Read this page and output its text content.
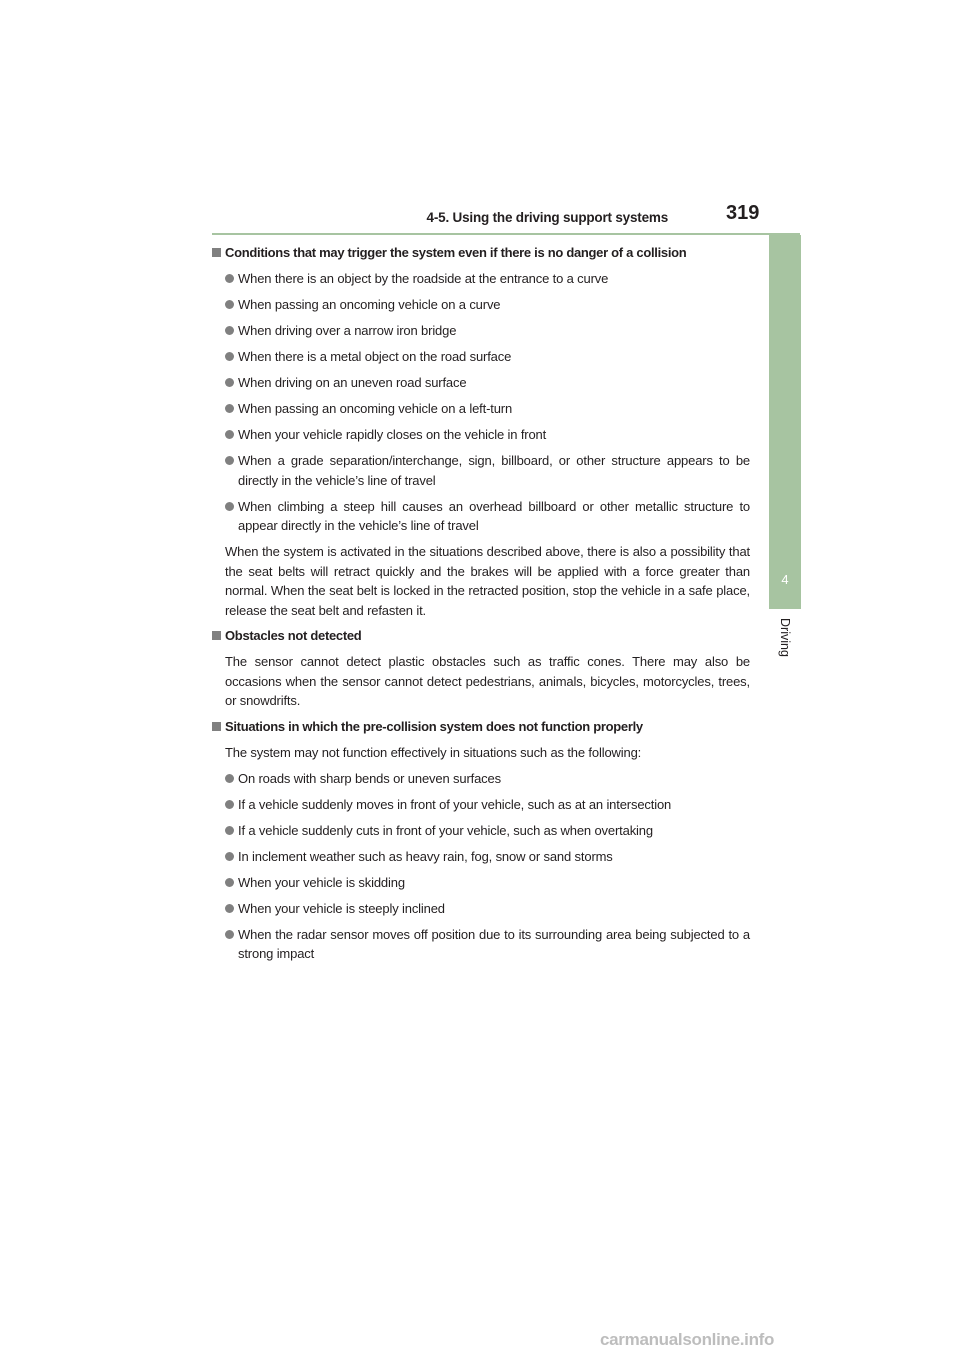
4-5. Using the driving support systems	319
4
Driving
Conditions that may trigger the system even if there is no danger of a collision
When there is an object by the roadside at the entrance to a curve
When passing an oncoming vehicle on a curve
When driving over a narrow iron bridge
When there is a metal object on the road surface
When driving on an uneven road surface
When passing an oncoming vehicle on a left-turn
When your vehicle rapidly closes on the vehicle in front
When a grade separation/interchange, sign, billboard, or other structure appears to be directly in the vehicle’s line of travel
When climbing a steep hill causes an overhead billboard or other metallic structure to appear directly in the vehicle’s line of travel
When the system is activated in the situations described above, there is also a possibility that the seat belts will retract quickly and the brakes will be applied with a force greater than normal. When the seat belt is locked in the retracted position, stop the vehicle in a safe place, release the seat belt and refasten it.
Obstacles not detected
The sensor cannot detect plastic obstacles such as traffic cones. There may also be occasions when the sensor cannot detect pedestrians, animals, bicycles, motorcycles, trees, or snowdrifts.
Situations in which the pre-collision system does not function properly
The system may not function effectively in situations such as the following:
On roads with sharp bends or uneven surfaces
If a vehicle suddenly moves in front of your vehicle, such as at an intersection
If a vehicle suddenly cuts in front of your vehicle, such as when overtaking
In inclement weather such as heavy rain, fog, snow or sand storms
When your vehicle is skidding
When your vehicle is steeply inclined
When the radar sensor moves off position due to its surrounding area being subjected to a strong impact
carmanualsonline.info
